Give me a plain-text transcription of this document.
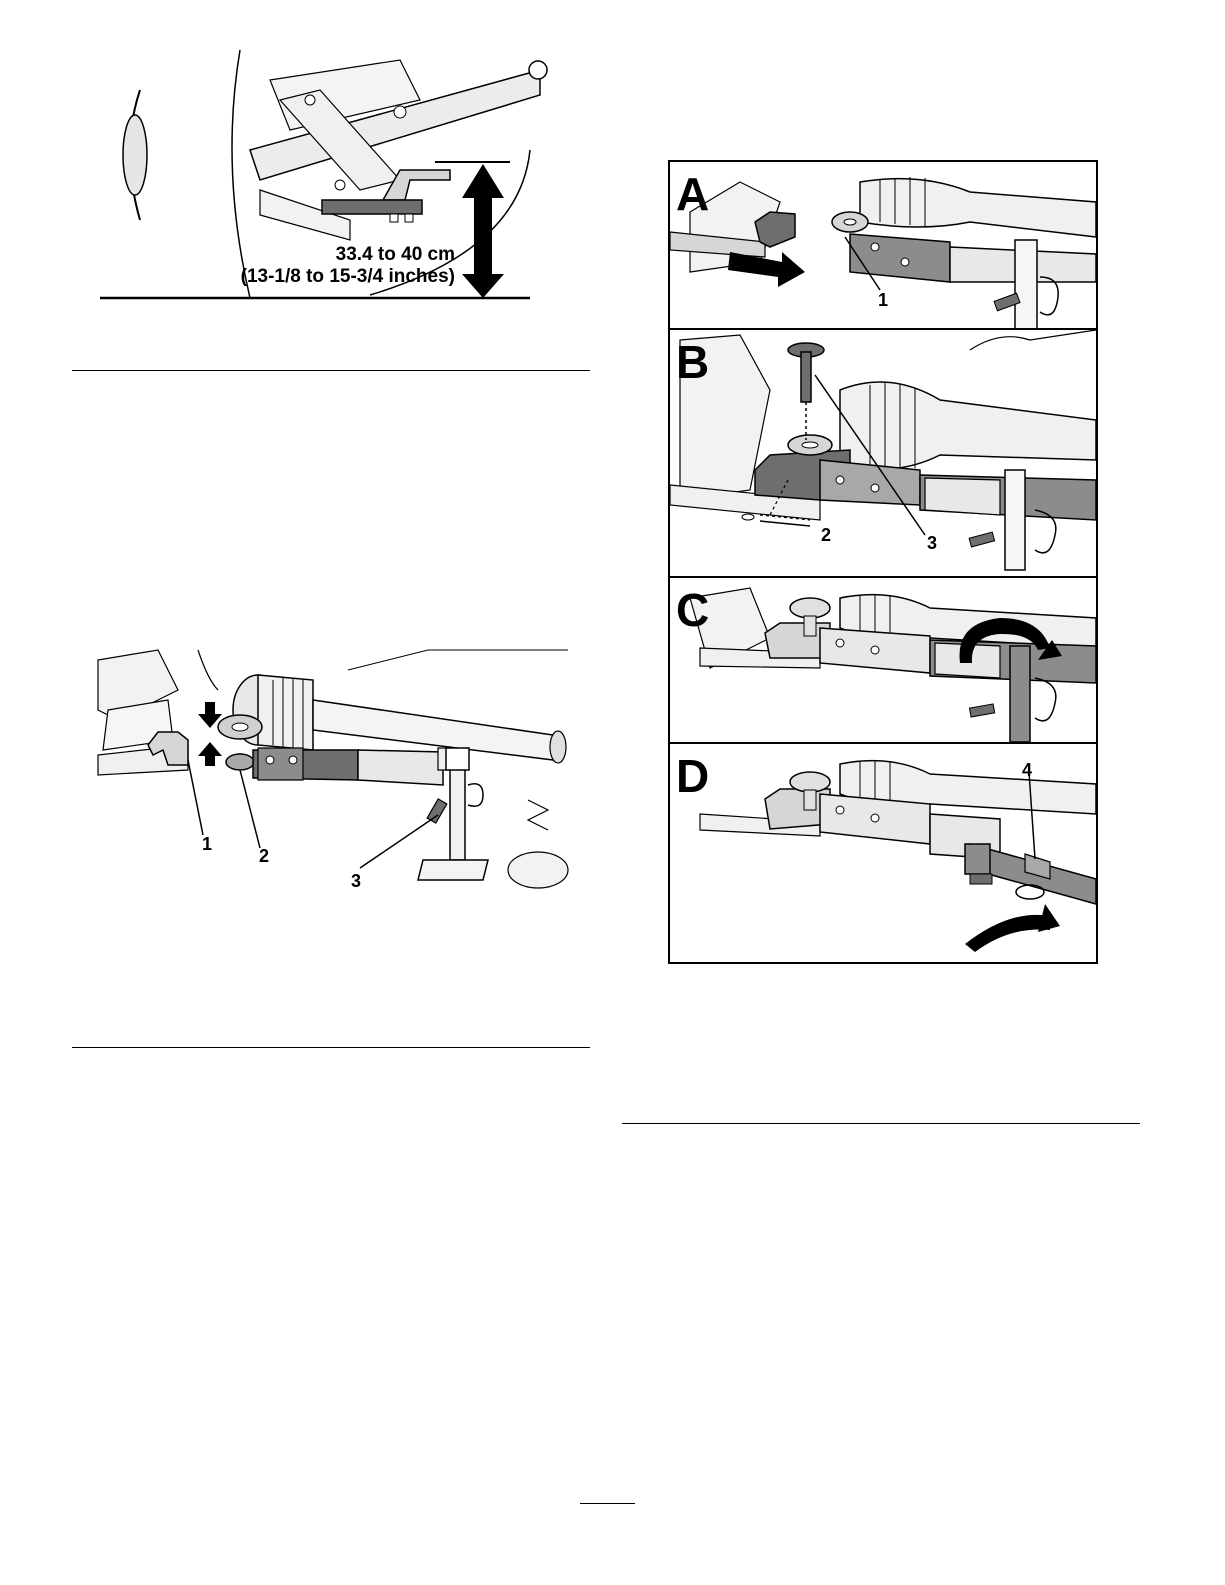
33.4 to 40 cm
(13-1/8 to 15-3/4 inches)
1
2
3
A
1
B
2	3
C
D	4
